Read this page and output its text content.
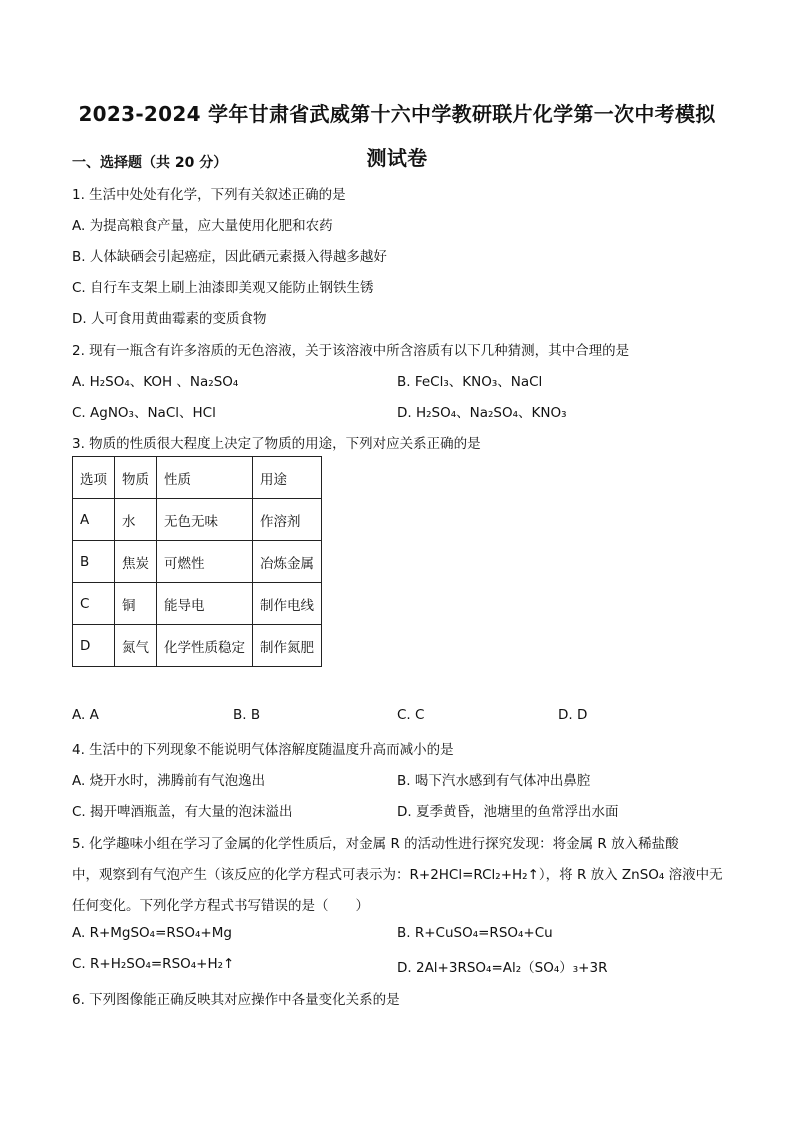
2023-2024 学年甘肃省武威第十六中学教研联片化学第一次中考模拟
测试卷
一、选择题（共 20 分）
1. 生活中处处有化学，下列有关叙述正确的是
A. 为提高粮食产量，应大量使用化肥和农药
B. 人体缺硒会引起癌症，因此硒元素摄入得越多越好
C. 自行车支架上刷上油漆即美观又能防止钢铁生锈
D. 人可食用黄曲霉素的变质食物
2. 现有一瓶含有许多溶质的无色溶液，关于该溶液中所含溶质有以下几种猜测，其中合理的是
A. H₂SO₄、KOH 、Na₂SO₄	B. FeCl₃、KNO₃、NaCl
C. AgNO₃、NaCl、HCl	D. H₂SO₄、Na₂SO₄、KNO₃
3. 物质的性质很大程度上决定了物质的用途，下列对应关系正确的是
选项	物质	性质	用途
A	水	无色无味	作溶剂
B	焦炭	可燃性	冶炼金属
C	铜	能导电	制作电线
D	氮气	化学性质稳定	制作氮肥
A. A	B. B	C. C	D. D
4. 生活中的下列现象不能说明气体溶解度随温度升高而减小的是
A. 烧开水时，沸腾前有气泡逸出	B. 喝下汽水感到有气体冲出鼻腔
C. 揭开啤酒瓶盖，有大量的泡沫溢出	D. 夏季黄昏，池塘里的鱼常浮出水面
5. 化学趣味小组在学习了金属的化学性质后，对金属 R 的活动性进行探究发现：将金属 R 放入稀盐酸
中，观察到有气泡产生（该反应的化学方程式可表示为：R+2HCl=RCl₂+H₂↑），将 R 放入 ZnSO₄ 溶液中无
任何变化。下列化学方程式书写错误的是（　　）
A. R+MgSO₄=RSO₄+Mg	B. R+CuSO₄=RSO₄+Cu
C. R+H₂SO₄=RSO₄+H₂↑	D. 2Al+3RSO₄=Al₂（SO₄）₃+3R
6. 下列图像能正确反映其对应操作中各量变化关系的是
